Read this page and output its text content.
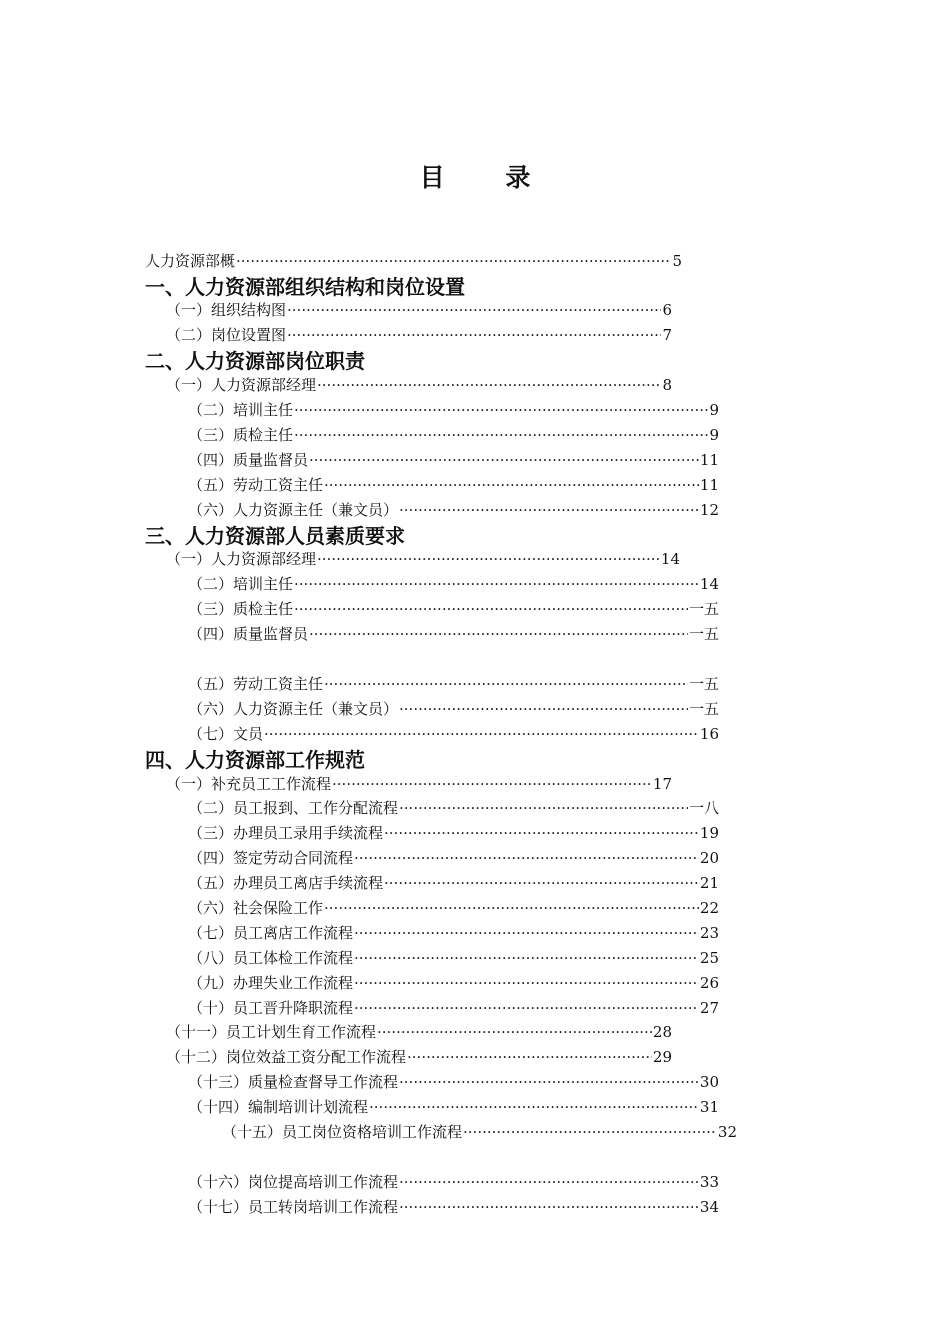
目 录
人力资源部概 ·····	5
一、人力资源部组织结构和岗位设置
（一）组织结构图 ·····	6
（二）岗位设置图 ·····	7
二、人力资源部岗位职责
（一）人力资源部经理 ·····	8
（二）培训主任 ·····	9
（三）质检主任 ·····	9
（四）质量监督员 ·····	11
（五）劳动工资主任 ·····	11
（六）人力资源主任（兼文员） ·····	12
三、人力资源部人员素质要求
（一）人力资源部经理 ·····	14
（二）培训主任 ·····	14
（三）质检主任 ·····	一五
（四）质量监督员 ·····	一五
（五）劳动工资主任 ·····	一五
（六）人力资源主任（兼文员） ·····	一五
（七）文员 ·····	16
四、人力资源部工作规范
（一）补充员工工作流程 ·····	17
（二）员工报到、工作分配流程 ·····	一八
（三）办理员工录用手续流程 ·····	19
（四）签定劳动合同流程 ·····	20
（五）办理员工离店手续流程 ·····	21
（六）社会保险工作 ·····	22
（七）员工离店工作流程 ·····	23
（八）员工体检工作流程 ·····	25
（九）办理失业工作流程 ·····	26
（十）员工晋升降职流程 ·····	27
（十一）员工计划生育工作流程 ·····	28
（十二）岗位效益工资分配工作流程 ·····	29
（十三）质量检查督导工作流程 ·····	30
（十四）编制培训计划流程 ·····	31
（十五）员工岗位资格培训工作流程 ·····	32
（十六）岗位提高培训工作流程 ·····	33
（十七）员工转岗培训工作流程 ·····	34
